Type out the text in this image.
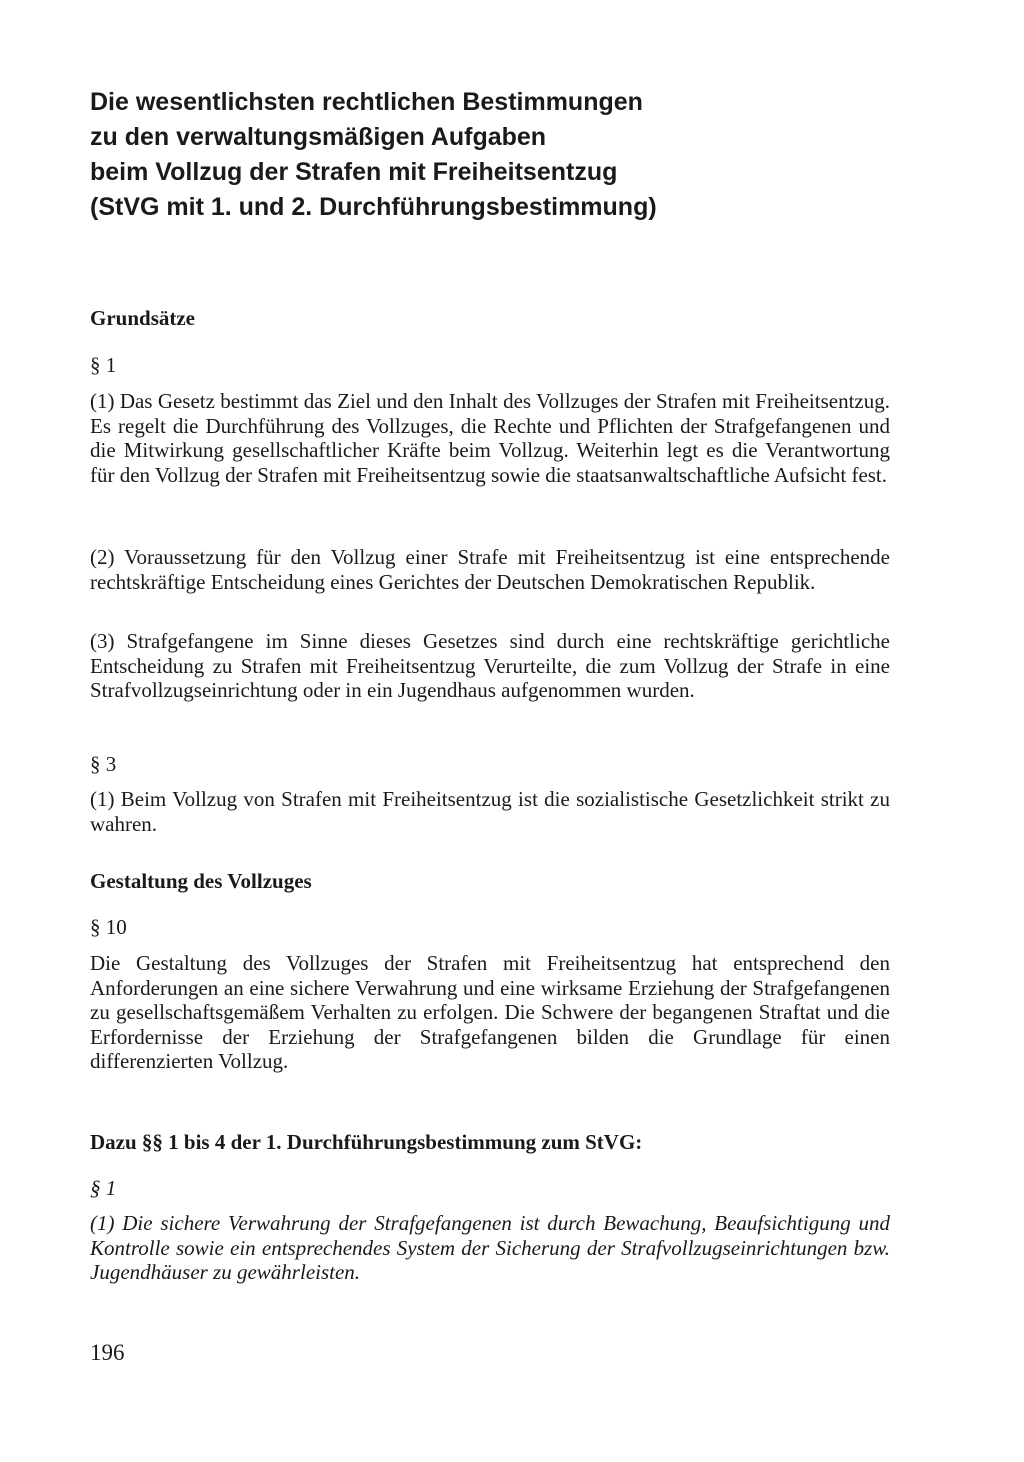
Die wesentlichsten rechtlichen Bestimmungen
zu den verwaltungsmäßigen Aufgaben
beim Vollzug der Strafen mit Freiheitsentzug
(StVG mit 1. und 2. Durchführungsbestimmung)
Grundsätze
§ 1

(1) Das Gesetz bestimmt das Ziel und den Inhalt des Vollzuges der Strafen mit Freiheitsentzug. Es regelt die Durchführung des Vollzuges, die Rechte und Pflichten der Strafgefangenen und die Mitwirkung gesellschaftlicher Kräfte beim Vollzug. Weiterhin legt es die Verantwortung für den Vollzug der Strafen mit Freiheitsentzug sowie die staatsanwaltschaftliche Aufsicht fest.

(2) Voraussetzung für den Vollzug einer Strafe mit Freiheitsentzug ist eine entsprechende rechtskräftige Entscheidung eines Gerichtes der Deutschen Demokratischen Republik.

(3) Strafgefangene im Sinne dieses Gesetzes sind durch eine rechtskräftige gerichtliche Entscheidung zu Strafen mit Freiheitsentzug Verurteilte, die zum Vollzug der Strafe in eine Strafvollzugseinrichtung oder in ein Jugendhaus aufgenommen wurden.

§ 3

(1) Beim Vollzug von Strafen mit Freiheitsentzug ist die sozialistische Gesetzlichkeit strikt zu wahren.

Gestaltung des Vollzuges
§ 10

Die Gestaltung des Vollzuges der Strafen mit Freiheitsentzug hat entsprechend den Anforderungen an eine sichere Verwahrung und eine wirksame Erziehung der Strafgefangenen zu gesellschaftsgemäßem Verhalten zu erfolgen. Die Schwere der begangenen Straftat und die Erfordernisse der Erziehung der Strafgefangenen bilden die Grundlage für einen differenzierten Vollzug.

Dazu §§ 1 bis 4 der 1. Durchführungsbestimmung zum StVG:
§ 1

(1) Die sichere Verwahrung der Strafgefangenen ist durch Bewachung, Beaufsichtigung und Kontrolle sowie ein entsprechendes System der Sicherung der Strafvollzugseinrichtungen bzw. Jugendhäuser zu gewährleisten.

196
